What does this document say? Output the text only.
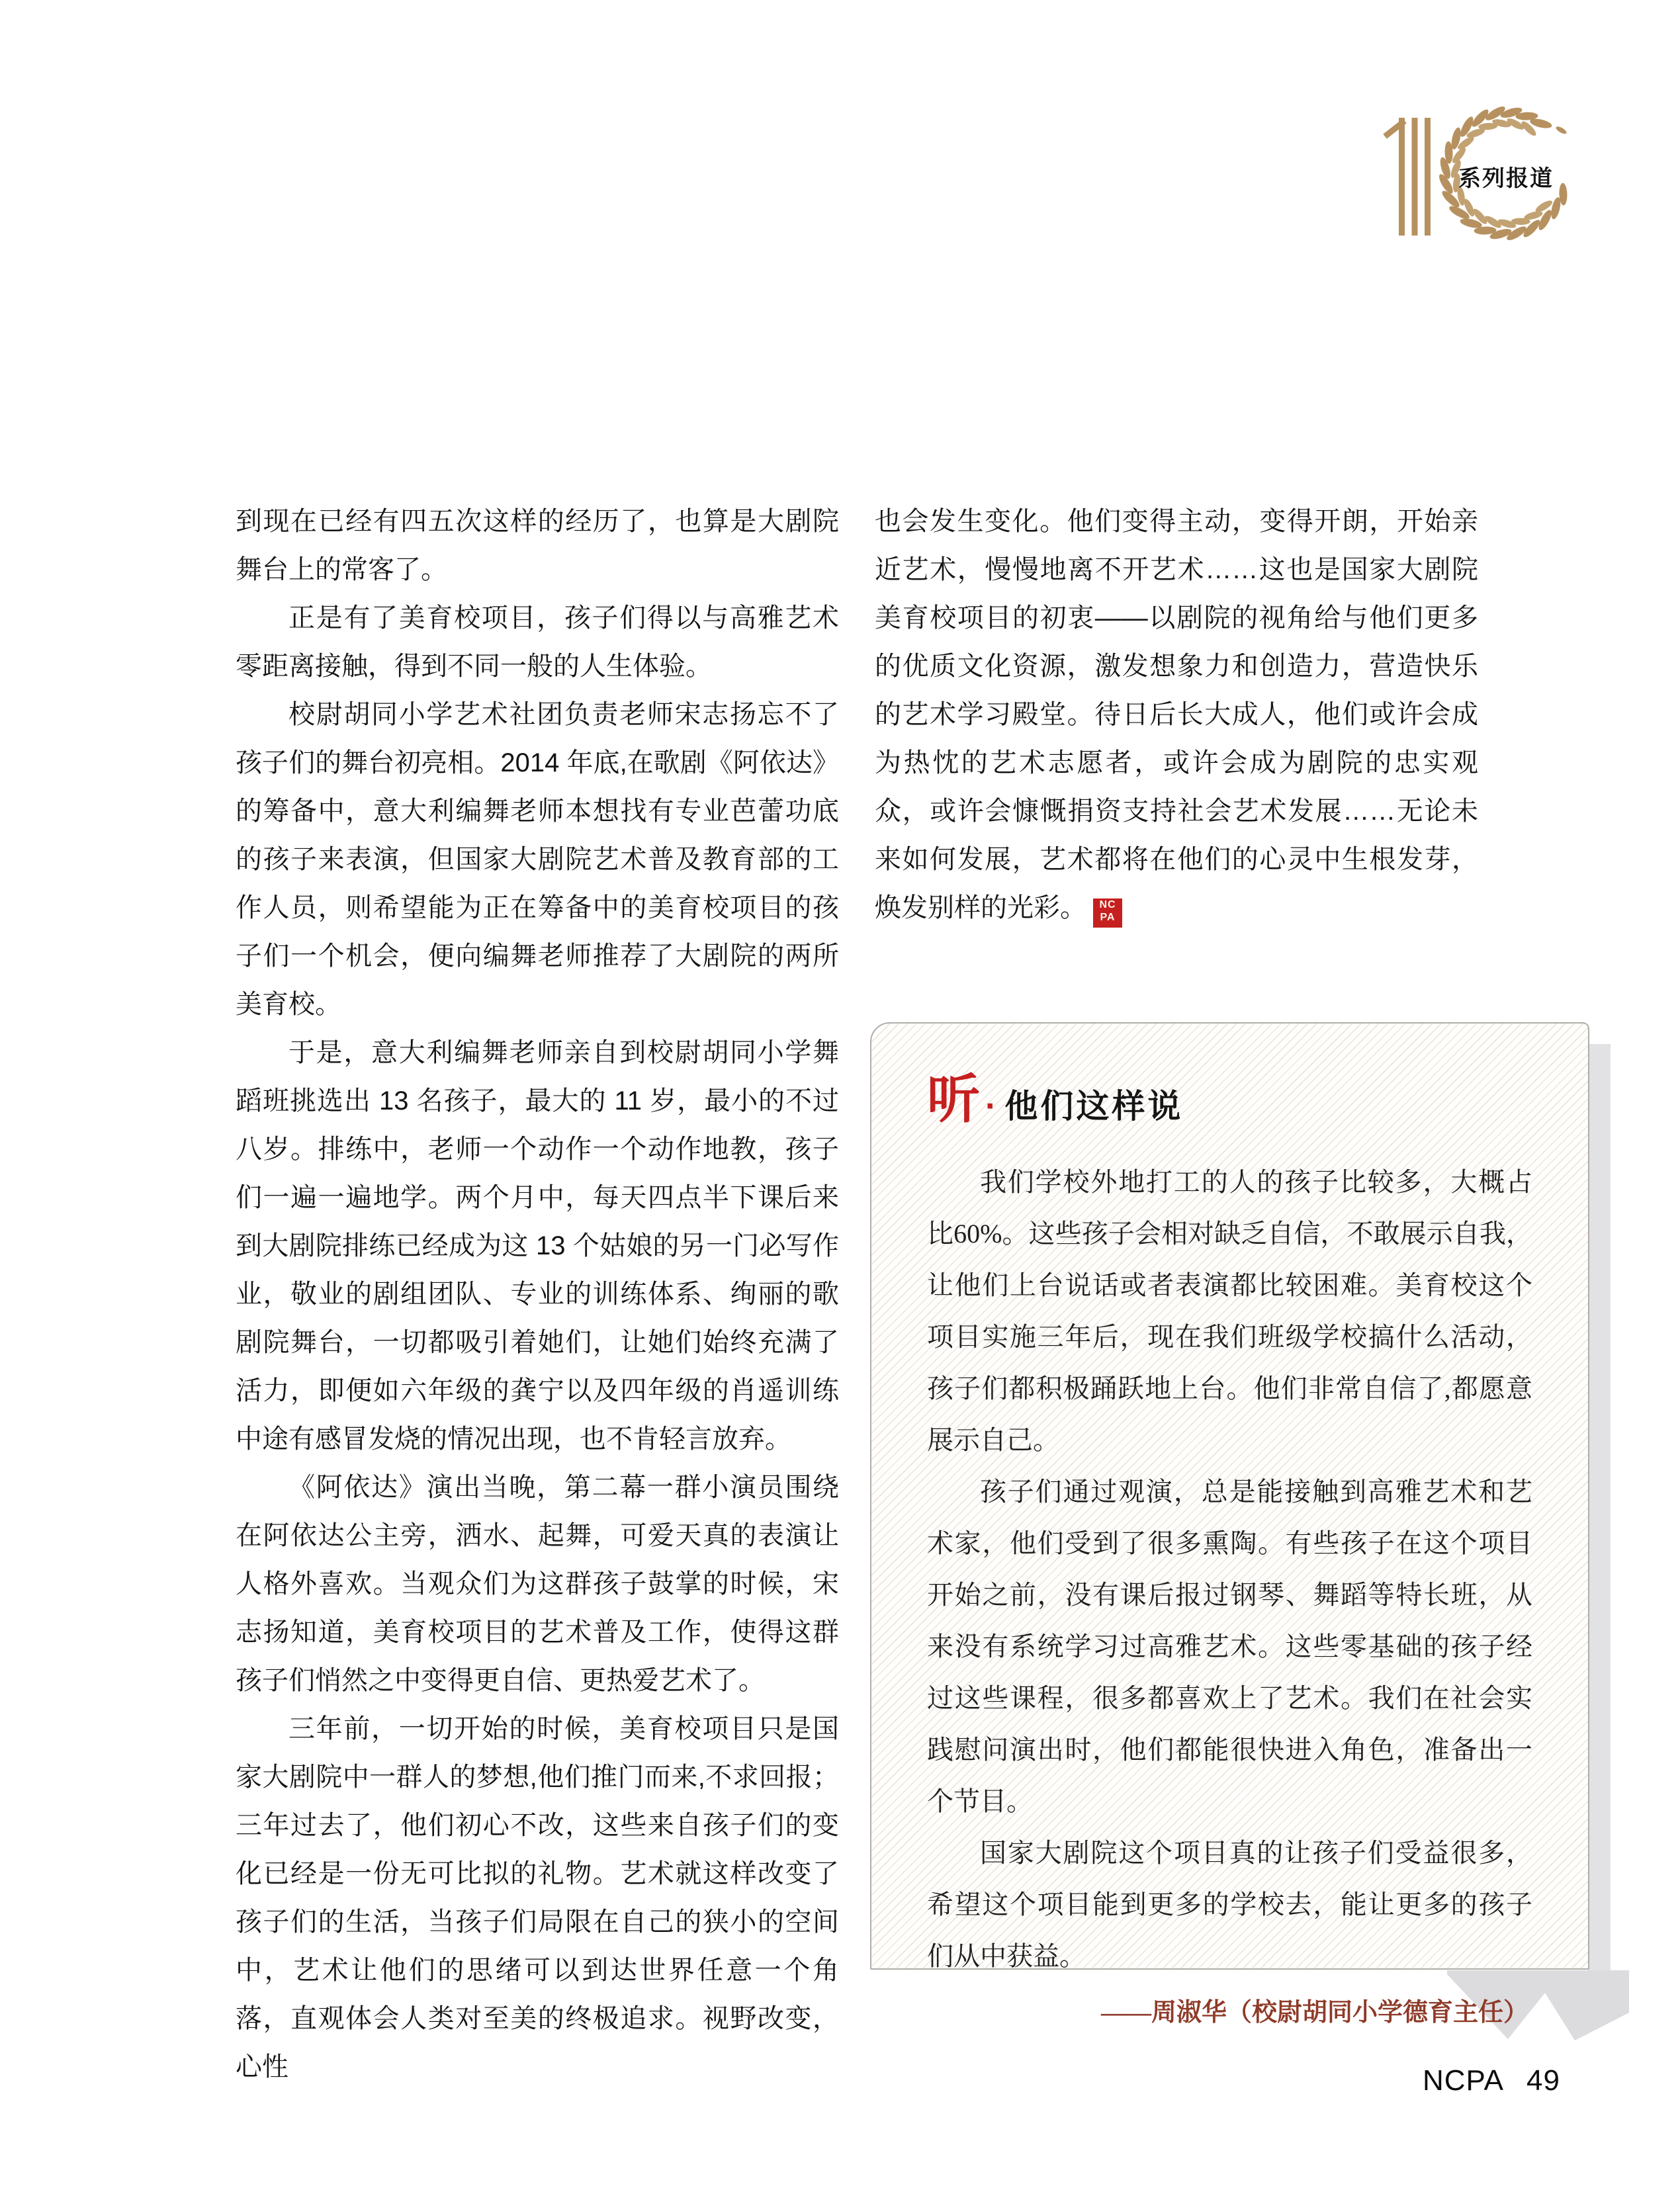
系列报道

到现在已经有四五次这样的经历了，也算是大剧院舞台上的常客了。

正是有了美育校项目，孩子们得以与高雅艺术零距离接触，得到不同一般的人生体验。

校尉胡同小学艺术社团负责老师宋志扬忘不了孩子们的舞台初亮相。2014 年底,在歌剧《阿依达》的筹备中，意大利编舞老师本想找有专业芭蕾功底的孩子来表演，但国家大剧院艺术普及教育部的工作人员，则希望能为正在筹备中的美育校项目的孩子们一个机会，便向编舞老师推荐了大剧院的两所美育校。

于是，意大利编舞老师亲自到校尉胡同小学舞蹈班挑选出 13 名孩子，最大的 11 岁，最小的不过八岁。排练中，老师一个动作一个动作地教，孩子们一遍一遍地学。两个月中，每天四点半下课后来到大剧院排练已经成为这 13 个姑娘的另一门必写作业，敬业的剧组团队、专业的训练体系、绚丽的歌剧院舞台，一切都吸引着她们，让她们始终充满了活力，即便如六年级的龚宁以及四年级的肖遥训练中途有感冒发烧的情况出现，也不肯轻言放弃。

《阿依达》演出当晚，第二幕一群小演员围绕在阿依达公主旁，洒水、起舞，可爱天真的表演让人格外喜欢。当观众们为这群孩子鼓掌的时候，宋志扬知道，美育校项目的艺术普及工作，使得这群孩子们悄然之中变得更自信、更热爱艺术了。

三年前，一切开始的时候，美育校项目只是国家大剧院中一群人的梦想,他们推门而来,不求回报；三年过去了，他们初心不改，这些来自孩子们的变化已经是一份无可比拟的礼物。艺术就这样改变了孩子们的生活，当孩子们局限在自己的狭小的空间中，艺术让他们的思绪可以到达世界任意一个角落，直观体会人类对至美的终极追求。视野改变，心性

也会发生变化。他们变得主动，变得开朗，开始亲近艺术，慢慢地离不开艺术……这也是国家大剧院美育校项目的初衷——以剧院的视角给与他们更多的优质文化资源，激发想象力和创造力，营造快乐的艺术学习殿堂。待日后长大成人，他们或许会成为热忱的艺术志愿者，或许会成为剧院的忠实观众，或许会慷慨捐资支持社会艺术发展……无论未来如何发展，艺术都将在他们的心灵中生根发芽，焕发别样的光彩。	NC
PA

听 · 他们这样说

我们学校外地打工的人的孩子比较多，大概占比60%。这些孩子会相对缺乏自信，不敢展示自我，让他们上台说话或者表演都比较困难。美育校这个项目实施三年后，现在我们班级学校搞什么活动，孩子们都积极踊跃地上台。他们非常自信了,都愿意展示自己。

孩子们通过观演，总是能接触到高雅艺术和艺术家，他们受到了很多熏陶。有些孩子在这个项目开始之前，没有课后报过钢琴、舞蹈等特长班，从来没有系统学习过高雅艺术。这些零基础的孩子经过这些课程，很多都喜欢上了艺术。我们在社会实践慰问演出时，他们都能很快进入角色，准备出一个节目。

国家大剧院这个项目真的让孩子们受益很多，希望这个项目能到更多的学校去，能让更多的孩子们从中获益。

——周淑华（校尉胡同小学德育主任）
NCPA 49
